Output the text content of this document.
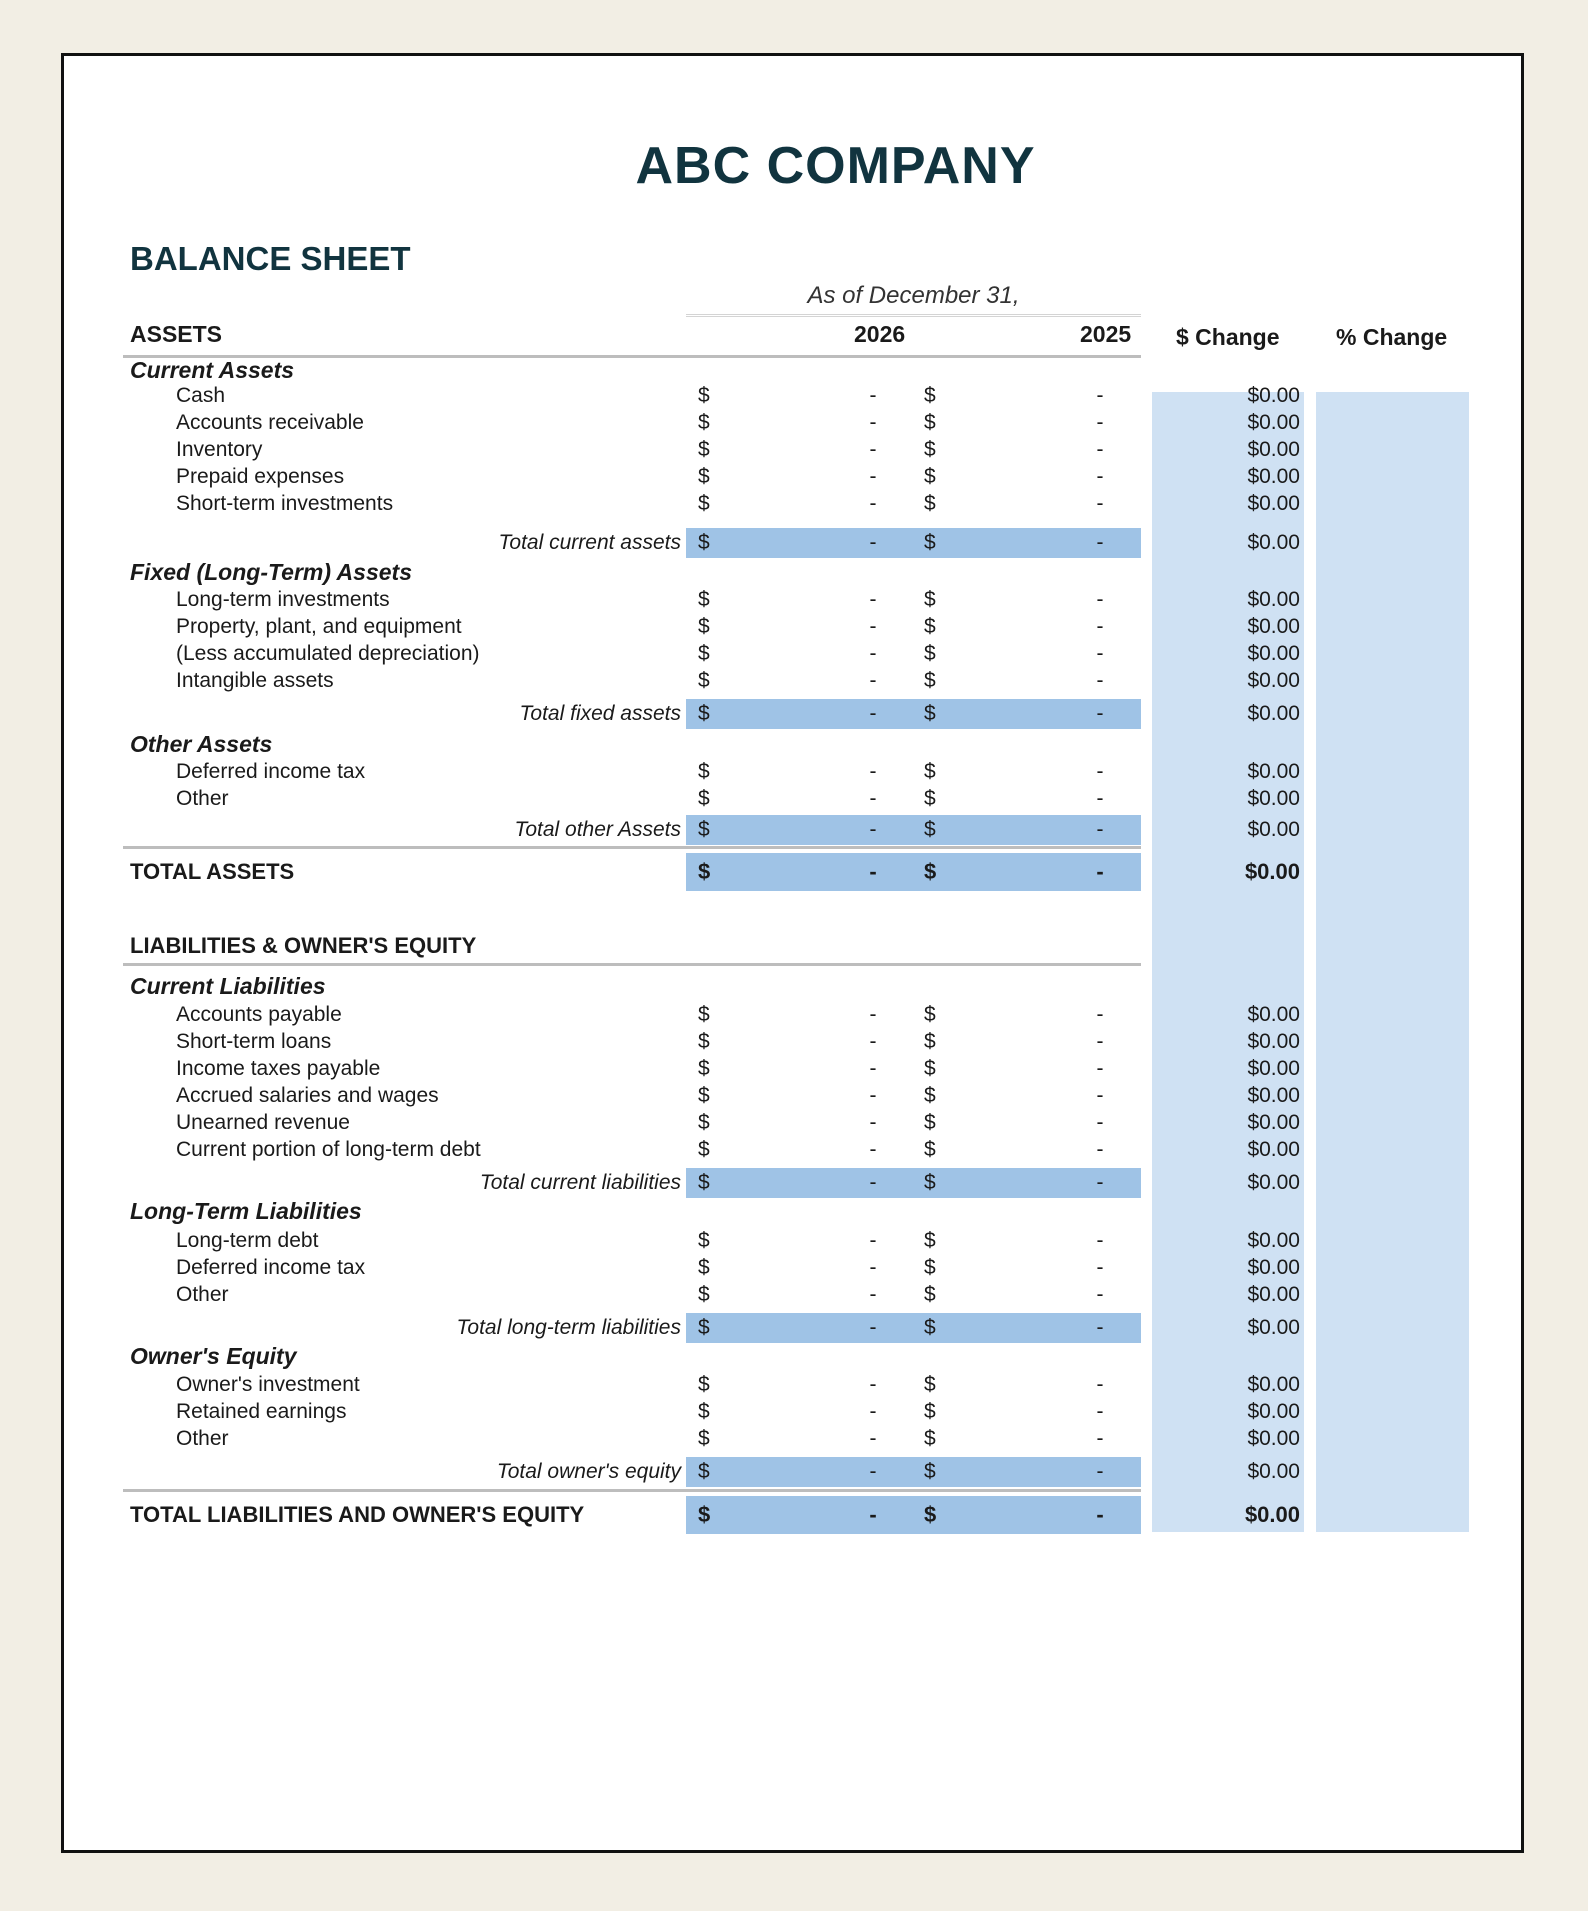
ABC COMPANY
BALANCE SHEET
As of December 31,
ASSETS	2026	2025 $ Change % Change
Current Assets
Cash	$	- $	-	$0.00
Accounts receivable	$	- $	-	$0.00
Inventory	$	- $	-	$0.00
Prepaid expenses	$	- $	-	$0.00
Short-term investments	$	- $	-	$0.00
Total current assets $	- $	-	$0.00
Fixed (Long-Term) Assets
Long-term investments	$	- $	-	$0.00
Property, plant, and equipment	$	- $	-	$0.00
(Less accumulated depreciation)	$	- $	-	$0.00
Intangible assets	$	- $	-	$0.00
Total fixed assets $	- $	-	$0.00
Other Assets
Deferred income tax	$	- $	-	$0.00
Other	$	- $	-	$0.00
Total other Assets $	- $	-	$0.00
TOTAL ASSETS	$	- $	-	$0.00
LIABILITIES & OWNER'S EQUITY
Current Liabilities
Accounts payable	$	- $	-	$0.00
Short-term loans	$	- $	-	$0.00
Income taxes payable	$	- $	-	$0.00
Accrued salaries and wages	$	- $	-	$0.00
Unearned revenue	$	- $	-	$0.00
Current portion of long-term debt	$	- $	-	$0.00
Total current liabilities $	- $	-	$0.00
Long-Term Liabilities
Long-term debt	$	- $	-	$0.00
Deferred income tax	$	- $	-	$0.00
Other	$	- $	-	$0.00
Total long-term liabilities $	- $	-	$0.00
Owner's Equity
Owner's investment	$	- $	-	$0.00
Retained earnings	$	- $	-	$0.00
Other	$	- $	-	$0.00
Total owner's equity $	- $	-	$0.00
TOTAL LIABILITIES AND OWNER'S EQUITY	$	- $	-	$0.00
